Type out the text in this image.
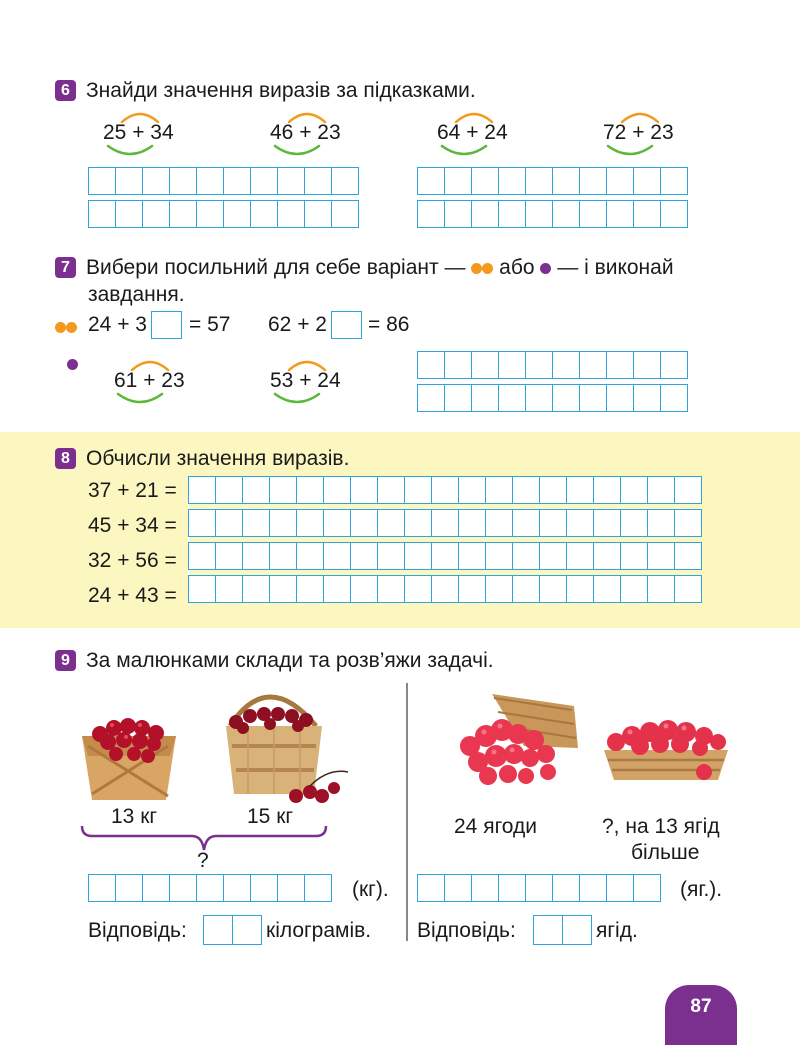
6 Знайди значення виразів за підказками.
25 + 34	46 + 23	64 + 24	72 + 23

7 Вибери посильний для себе варіант — або — і виконай
завдання.
24 + 3 = 57 62 + 2 = 86
61 + 23	53 + 24

8 Обчисли значення виразів.
37 + 21 =
45 + 34 =
32 + 56 =
24 + 43 =

9 За малюнками склади та розв’яжи задачі.
13 кг	15 кг
?

(кг).
Відповідь:
		кілограмів.
24 ягоди	?, на 13 ягід
більше

(яг.).
Відповідь:
		ягід.
87
